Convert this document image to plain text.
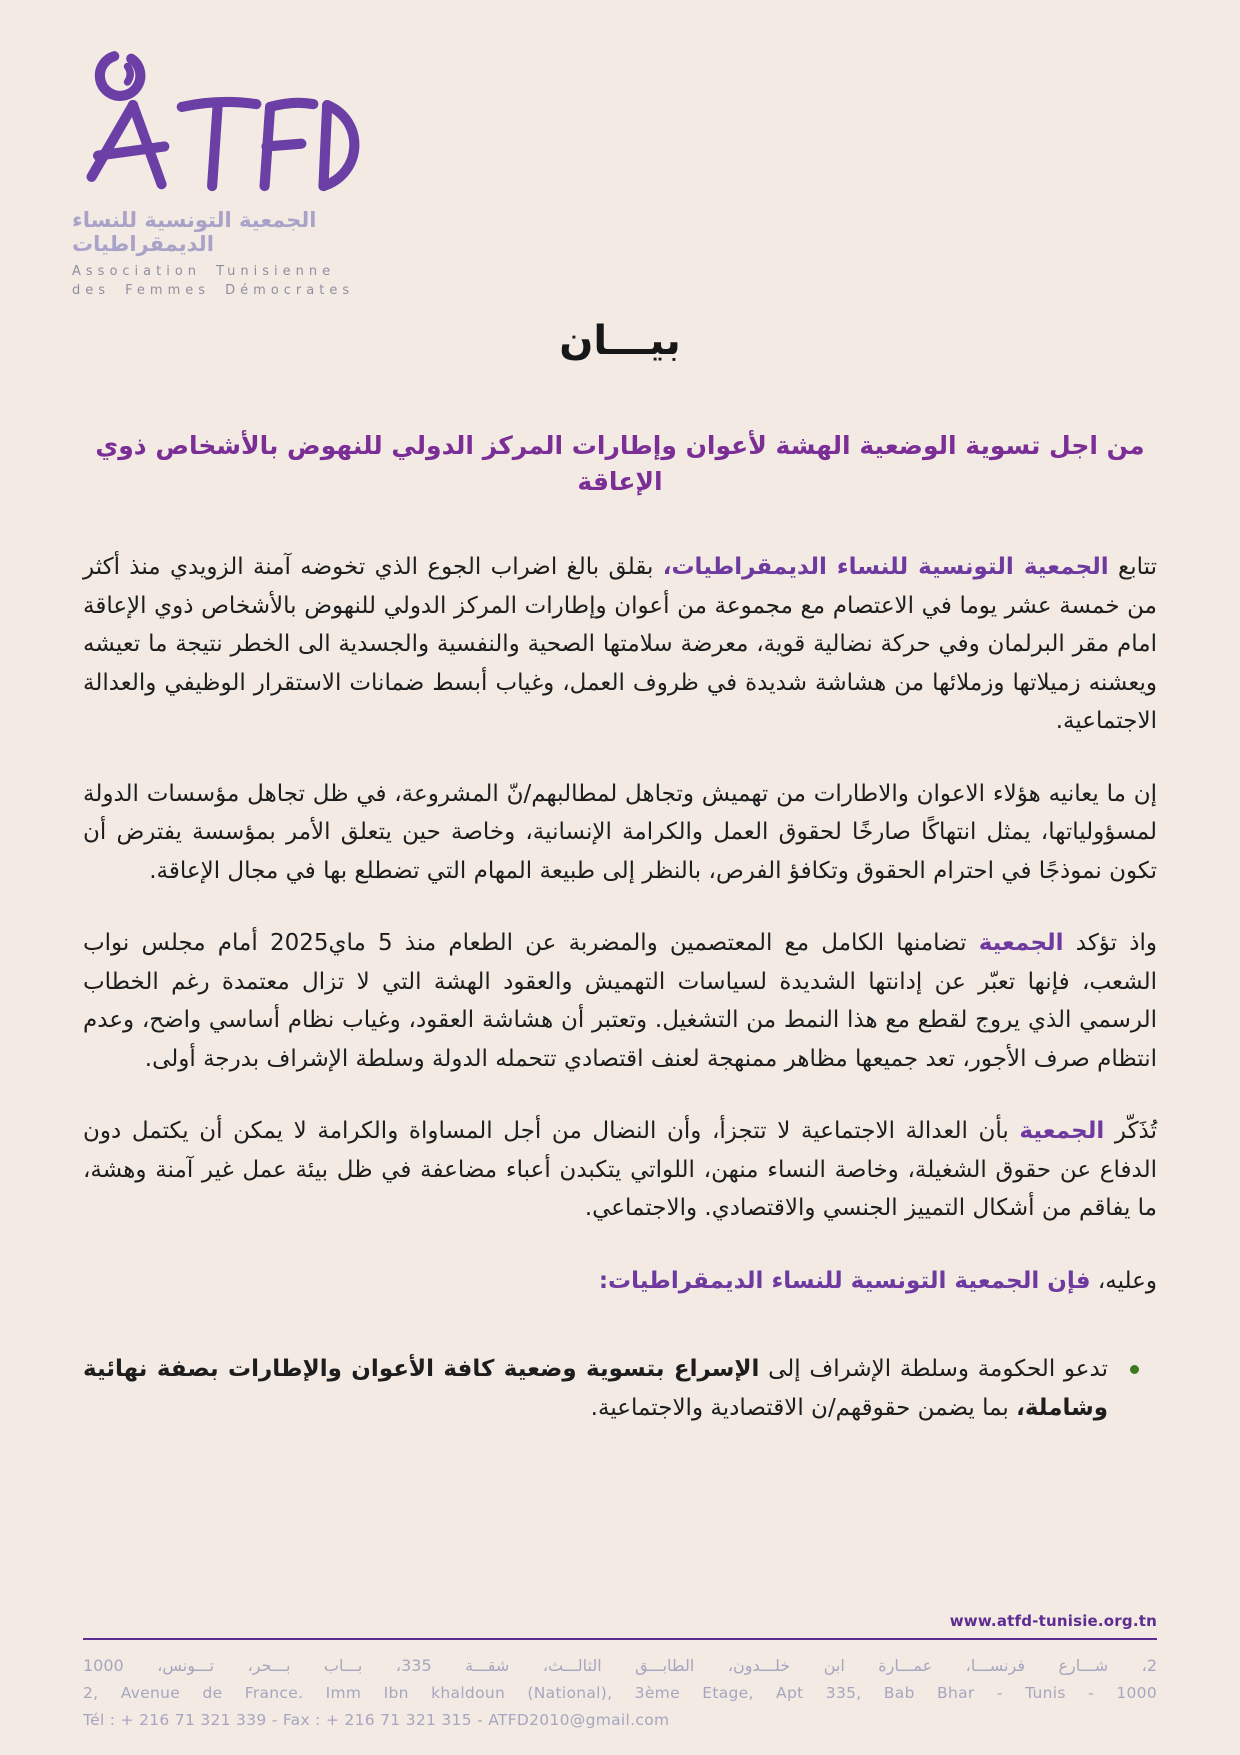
الجمعية التونسية للنساء الديمقراطيات
Association Tunisienne
des Femmes Démocrates
بيـــان
من اجل تسوية الوضعية الهشة لأعوان وإطارات المركز الدولي للنهوض بالأشخاص ذوي الإعاقة

تتابع الجمعية التونسية للنساء الديمقراطيات، بقلق بالغ اضراب الجوع الذي تخوضه آمنة الزويدي منذ أكثر من خمسة عشر يوما في الاعتصام مع مجموعة من أعوان وإطارات المركز الدولي للنهوض بالأشخاص ذوي الإعاقة امام مقر البرلمان وفي حركة نضالية قوية، معرضة سلامتها الصحية والنفسية والجسدية الى الخطر نتيجة ما تعيشه ويعشنه زميلاتها وزملائها من هشاشة شديدة في ظروف العمل، وغياب أبسط ضمانات الاستقرار الوظيفي والعدالة الاجتماعية.

إن ما يعانيه هؤلاء الاعوان والاطارات من تهميش وتجاهل لمطالبهم/نّ المشروعة، في ظل تجاهل مؤسسات الدولة لمسؤولياتها، يمثل انتهاكًا صارخًا لحقوق العمل والكرامة الإنسانية، وخاصة حين يتعلق الأمر بمؤسسة يفترض أن تكون نموذجًا في احترام الحقوق وتكافؤ الفرص، بالنظر إلى طبيعة المهام التي تضطلع بها في مجال الإعاقة.

واذ تؤكد الجمعية تضامنها الكامل مع المعتصمين والمضربة عن الطعام منذ 5 ماي2025 أمام مجلس نواب الشعب، فإنها تعبّر عن إدانتها الشديدة لسياسات التهميش والعقود الهشة التي لا تزال معتمدة رغم الخطاب الرسمي الذي يروج لقطع مع هذا النمط من التشغيل. وتعتبر أن هشاشة العقود، وغياب نظام أساسي واضح، وعدم انتظام صرف الأجور، تعد جميعها مظاهر ممنهجة لعنف اقتصادي تتحمله الدولة وسلطة الإشراف بدرجة أولى.

تُذَكّر الجمعية بأن العدالة الاجتماعية لا تتجزأ، وأن النضال من أجل المساواة والكرامة لا يمكن أن يكتمل دون الدفاع عن حقوق الشغيلة، وخاصة النساء منهن، اللواتي يتكبدن أعباء مضاعفة في ظل بيئة عمل غير آمنة وهشة، ما يفاقم من أشكال التمييز الجنسي والاقتصادي. والاجتماعي.

وعليه، فإن الجمعية التونسية للنساء الديمقراطيات:

تدعو الحكومة وسلطة الإشراف إلى الإسراع بتسوية وضعية كافة الأعوان والإطارات بصفة نهائية وشاملة، بما يضمن حقوقهم/ن الاقتصادية والاجتماعية.
www.atfd-tunisie.org.tn
2، شـــارع فرنســـا، عمـــارة ابن خلـــدون، الطابـــق الثالـــث، شقـــة 335، بـــاب بـــحر، تـــونس، 1000
2, Avenue de France. Imm Ibn khaldoun (National), 3ème Etage, Apt 335, Bab Bhar - Tunis - 1000
Tél : + 216 71 321 339 - Fax : + 216 71 321 315 - ATFD2010@gmail.com
